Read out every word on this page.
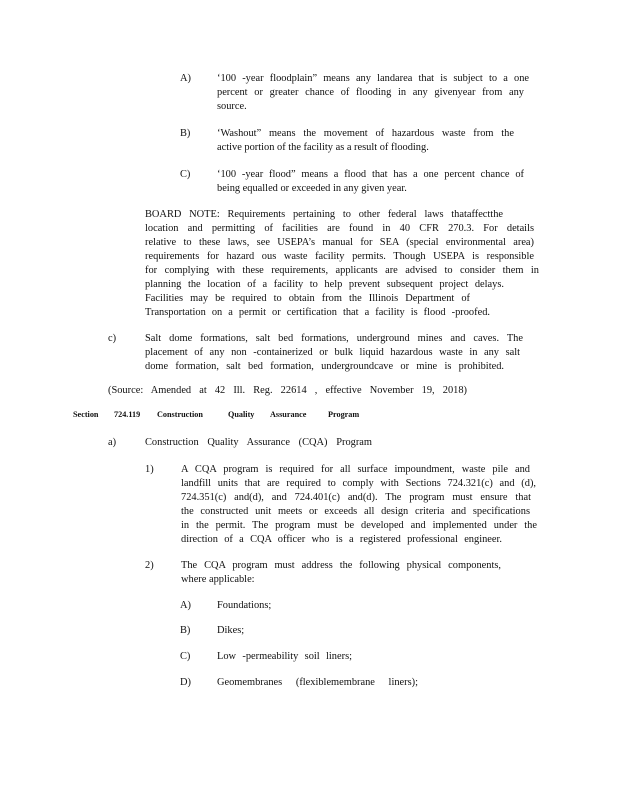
A)	‘100 -year floodplain” means any landarea that is subject to a one
percent or greater chance of flooding in any givenyear from any
source.
B)	‘Washout” means the movement of hazardous waste from the
active portion of the facility as a result of flooding.
C)	‘100 -year flood” means a flood that has a one percent chance of
being equalled or exceeded in any given year.
BOARD NOTE: Requirements pertaining to other federal laws thataffectthe
location and permitting of facilities are found in 40 CFR 270.3. For details
relative to these laws, see USEPA’s manual for SEA (special environmental area)
requirements for hazard ous waste facility permits. Though USEPA is responsible
for complying with these requirements, applicants are advised to consider them in
planning the location of a facility to help prevent subsequent project delays.
Facilities may be required to obtain from the Illinois Department of
Transportation on a permit or certification that a facility is flood -proofed.
c)	Salt dome formations, salt bed formations, underground mines and caves. The
placement of any non -containerized or bulk liquid hazardous waste in any salt
dome formation, salt bed formation, undergroundcave or mine is prohibited.
(Source: Amended at 42 Ill. Reg. 22614 , effective November 19, 2018)
Section 724.119 Construction	Quality Assurance	Program
a)	Construction Quality Assurance (CQA) Program
1)	A CQA program is required for all surface impoundment, waste pile and
landfill units that are required to comply with Sections 724.321(c) and (d),
724.351(c) and(d), and 724.401(c) and(d). The program must ensure that
the constructed unit meets or exceeds all design criteria and specifications
in the permit. The program must be developed and implemented under the
direction of a CQA officer who is a registered professional engineer.
2)	The CQA program must address the following physical components,
where applicable:
A)	Foundations;
B)	Dikes;
C)	Low -permeability soil liners;
D)	Geomembranes (flexiblemembrane liners);
